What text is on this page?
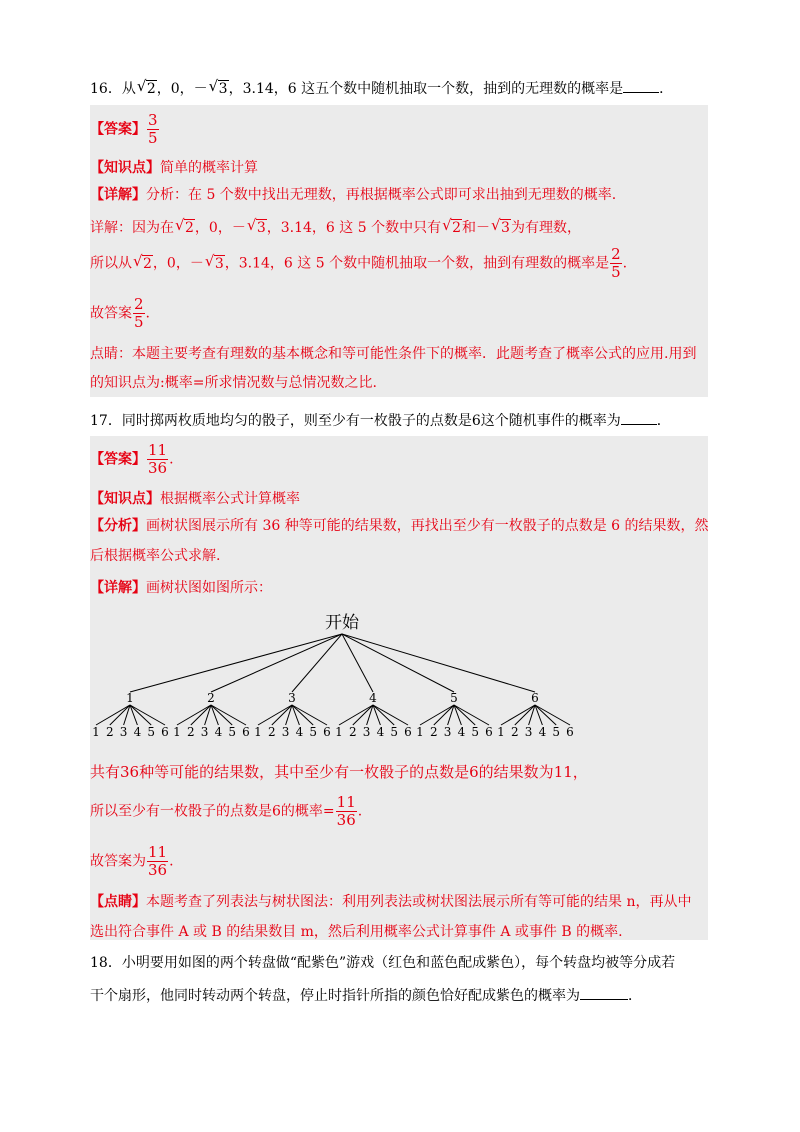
16．从 √ 2，0，－ √ 3，3.14，6 这五个数中随机抽取一个数，抽到的无理数的概率是	．
【答案】 $\frac{3}{5}$
【知识点】简单的概率计算
【详解】分析：在 5 个数中找出无理数，再根据概率公式即可求出抽到无理数的概率.
详解：因为在 √ 2，0，－ √ 3，3.14，6 这 5 个数中只有 √ 2和－ √ 3为有理数，
所以从 √ 2，0，－ √ 3，3.14，6 这 5 个数中随机抽取一个数，抽到有理数的概率是 $\frac{2}{5}$ .
故答案 $\frac{2}{5}$ .
点睛：本题主要考查有理数的基本概念和等可能性条件下的概率．此题考查了概率公式的应用.用到
的知识点为:概率=所求情况数与总情况数之比.
17．同时掷两枚质地均匀的骰子，则至少有一枚骰子的点数是6这个随机事件的概率为	．
【答案】 $\frac{11}{36}$ .
【知识点】根据概率公式计算概率
【分析】画树状图展示所有 36 种等可能的结果数，再找出至少有一枚骰子的点数是 6 的结果数，然
后根据概率公式求解.
【详解】画树状图如图所示：
开始
1
1 2 3 4 5 6
2
1 2 3 4 5 6
3
1 2 3 4 5 6
4
1 2 3 4 5 6
5
1 2 3 4 5 6
6
1 2 3 4 5 6
共有36种等可能的结果数，其中至少有一枚骰子的点数是6的结果数为11，
所以至少有一枚骰子的点数是6的概率= $\frac{11}{36}$ .
故答案为 $\frac{11}{36}$ .
【点睛】本题考查了列表法与树状图法：利用列表法或树状图法展示所有等可能的结果 n，再从中
选出符合事件 A 或 B 的结果数目 m，然后利用概率公式计算事件 A 或事件 B 的概率.
18．小明要用如图的两个转盘做“配紫色”游戏（红色和蓝色配成紫色），每个转盘均被等分成若
干个扇形，他同时转动两个转盘，停止时指针所指的颜色恰好配成紫色的概率为	．
